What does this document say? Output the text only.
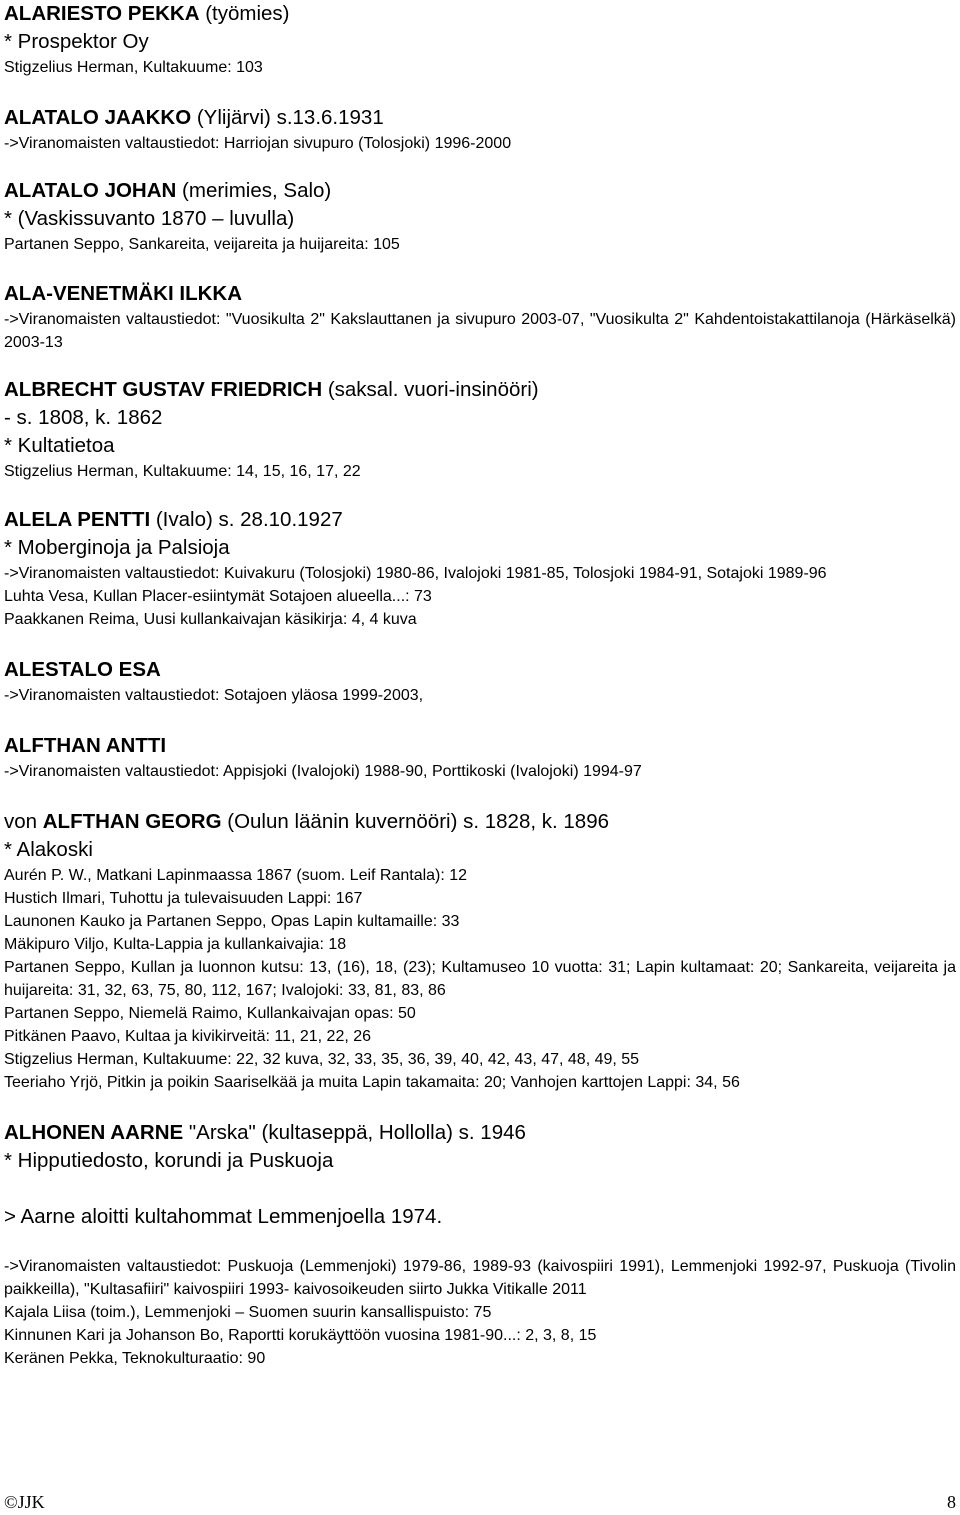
ALARIESTO PEKKA (työmies)
* Prospektor Oy
Stigzelius Herman, Kultakuume: 103
ALATALO JAAKKO (Ylijärvi) s.13.6.1931
->Viranomaisten valtaustiedot: Harriojan sivupuro (Tolosjoki) 1996-2000
ALATALO JOHAN (merimies, Salo)
* (Vaskissuvanto 1870 – luvulla)
Partanen Seppo, Sankareita, veijareita ja huijareita: 105
ALA-VENETMÄKI ILKKA
->Viranomaisten valtaustiedot: "Vuosikulta 2" Kakslauttanen ja sivupuro 2003-07, "Vuosikulta 2" Kahdentoistakattilanoja (Härkäselkä) 2003-13
ALBRECHT GUSTAV FRIEDRICH (saksal. vuori-insinööri)
- s. 1808, k. 1862
* Kultatietoa
Stigzelius Herman, Kultakuume: 14, 15, 16, 17, 22
ALELA PENTTI (Ivalo) s. 28.10.1927
* Moberginoja ja Palsioja
->Viranomaisten valtaustiedot: Kuivakuru (Tolosjoki) 1980-86, Ivalojoki 1981-85, Tolosjoki 1984-91, Sotajoki 1989-96
Luhta Vesa, Kullan Placer-esiintymät Sotajoen alueella...: 73
Paakkanen Reima, Uusi kullankaivajan käsikirja: 4, 4 kuva
ALESTALO ESA
->Viranomaisten valtaustiedot: Sotajoen yläosa 1999-2003,
ALFTHAN ANTTI
->Viranomaisten valtaustiedot: Appisjoki (Ivalojoki) 1988-90, Porttikoski (Ivalojoki) 1994-97
von ALFTHAN GEORG (Oulun läänin kuvernööri) s. 1828, k. 1896
* Alakoski
Aurén P. W., Matkani Lapinmaassa 1867 (suom. Leif Rantala): 12
Hustich Ilmari, Tuhottu ja tulevaisuuden Lappi: 167
Launonen Kauko ja Partanen Seppo, Opas Lapin kultamaille: 33
Mäkipuro Viljo, Kulta-Lappia ja kullankaivajia: 18
Partanen Seppo, Kullan ja luonnon kutsu: 13, (16), 18, (23); Kultamuseo 10 vuotta: 31; Lapin kultamaat: 20; Sankareita, veijareita ja huijareita: 31, 32, 63, 75, 80, 112, 167; Ivalojoki: 33, 81, 83, 86
Partanen Seppo, Niemelä Raimo, Kullankaivajan opas: 50
Pitkänen Paavo, Kultaa ja kivikirveitä: 11, 21, 22, 26
Stigzelius Herman, Kultakuume: 22, 32 kuva, 32, 33, 35, 36, 39, 40, 42, 43, 47, 48, 49, 55
Teeriaho Yrjö, Pitkin ja poikin Saariselkää ja muita Lapin takamaita: 20; Vanhojen karttojen Lappi: 34, 56
ALHONEN AARNE "Arska" (kultaseppä, Hollolla) s. 1946
* Hipputiedosto, korundi ja Puskuoja
> Aarne aloitti kultahommat Lemmenjoella 1974.
->Viranomaisten valtaustiedot: Puskuoja (Lemmenjoki) 1979-86, 1989-93 (kaivospiiri 1991), Lemmenjoki 1992-97, Puskuoja (Tivolin paikkeilla), "Kultasafiiri" kaivospiiri 1993- kaivosoikeuden siirto Jukka Vitikalle 2011
Kajala Liisa (toim.), Lemmenjoki – Suomen suurin kansallispuisto: 75
Kinnunen Kari ja Johanson Bo, Raportti korukäyttöön vuosina 1981-90...: 2, 3, 8, 15
Keränen Pekka, Teknokulturaatio: 90
©JJK	8
